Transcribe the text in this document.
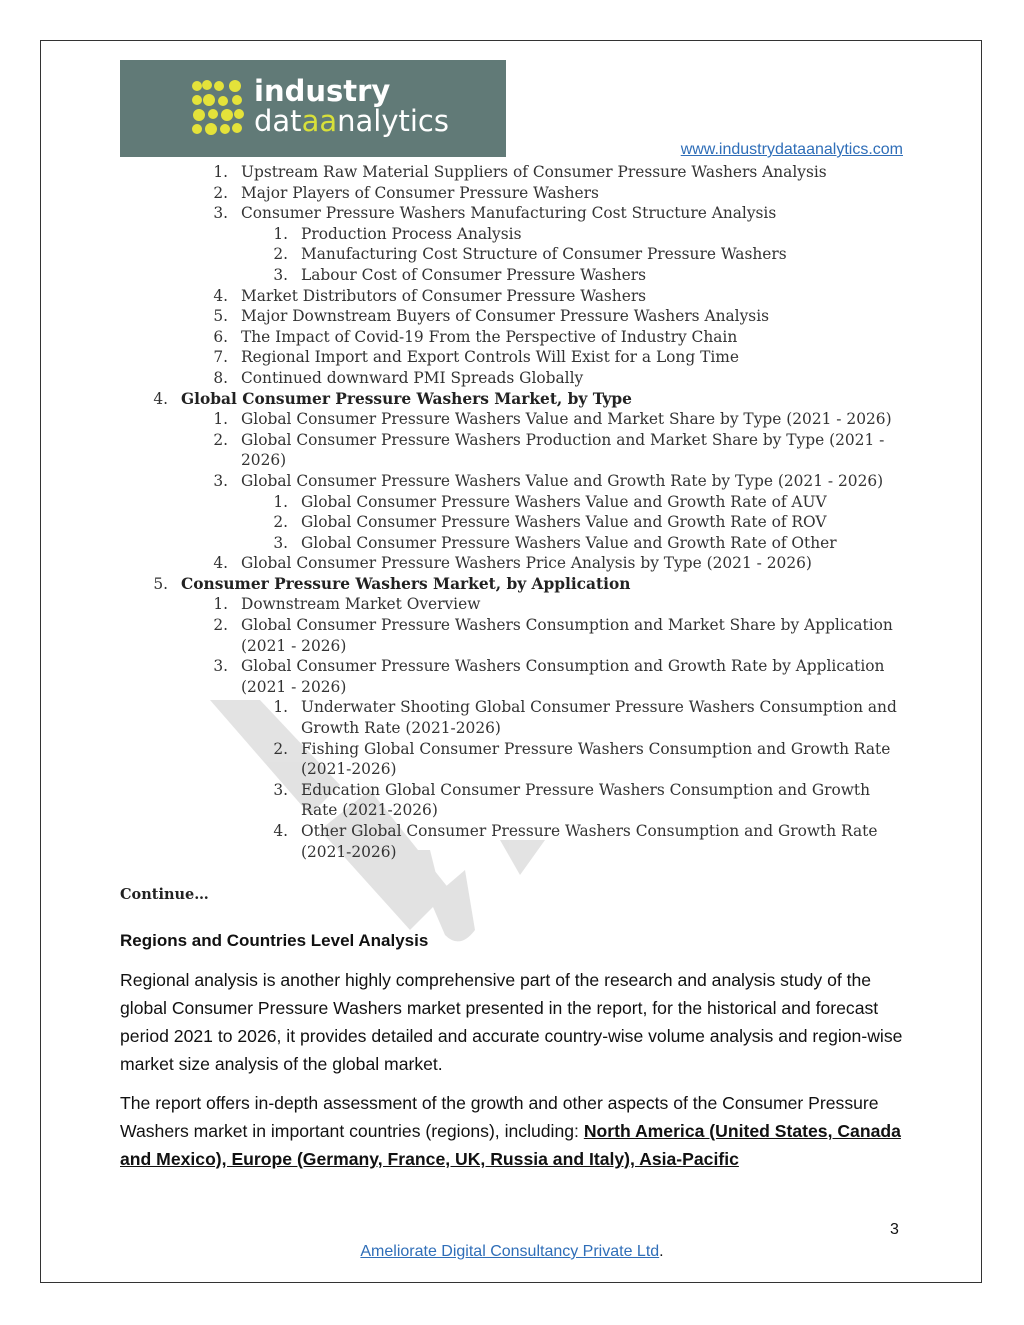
industry
dataanalytics
www.industrydataanalytics.com
1. Upstream Raw Material Suppliers of Consumer Pressure Washers Analysis
2. Major Players of Consumer Pressure Washers
3. Consumer Pressure Washers Manufacturing Cost Structure Analysis
1. Production Process Analysis
2. Manufacturing Cost Structure of Consumer Pressure Washers
3. Labour Cost of Consumer Pressure Washers
4. Market Distributors of Consumer Pressure Washers
5. Major Downstream Buyers of Consumer Pressure Washers Analysis
6. The Impact of Covid-19 From the Perspective of Industry Chain
7. Regional Import and Export Controls Will Exist for a Long Time
8. Continued downward PMI Spreads Globally
4. Global Consumer Pressure Washers Market, by Type
1. Global Consumer Pressure Washers Value and Market Share by Type (2021 - 2026)
2. Global Consumer Pressure Washers Production and Market Share by Type (2021 - 2026)
3. Global Consumer Pressure Washers Value and Growth Rate by Type (2021 - 2026)
1. Global Consumer Pressure Washers Value and Growth Rate of AUV
2. Global Consumer Pressure Washers Value and Growth Rate of ROV
3. Global Consumer Pressure Washers Value and Growth Rate of Other
4. Global Consumer Pressure Washers Price Analysis by Type (2021 - 2026)
5. Consumer Pressure Washers Market, by Application
1. Downstream Market Overview
2. Global Consumer Pressure Washers Consumption and Market Share by Application (2021 - 2026)
3. Global Consumer Pressure Washers Consumption and Growth Rate by Application (2021 - 2026)
1. Underwater Shooting Global Consumer Pressure Washers Consumption and Growth Rate (2021-2026)
2. Fishing Global Consumer Pressure Washers Consumption and Growth Rate (2021-2026)
3. Education Global Consumer Pressure Washers Consumption and Growth Rate (2021-2026)
4. Other Global Consumer Pressure Washers Consumption and Growth Rate (2021-2026)
Continue…
Regions and Countries Level Analysis

Regional analysis is another highly comprehensive part of the research and analysis study of the global Consumer Pressure Washers market presented in the report, for the historical and forecast period 2021 to 2026, it provides detailed and accurate country-wise volume analysis and region-wise market size analysis of the global market.

The report offers in-depth assessment of the growth and other aspects of the Consumer Pressure Washers market in important countries (regions), including: North America (United States, Canada and Mexico), Europe (Germany, France, UK, Russia and Italy), Asia-Pacific

3
Ameliorate Digital Consultancy Private Ltd.
